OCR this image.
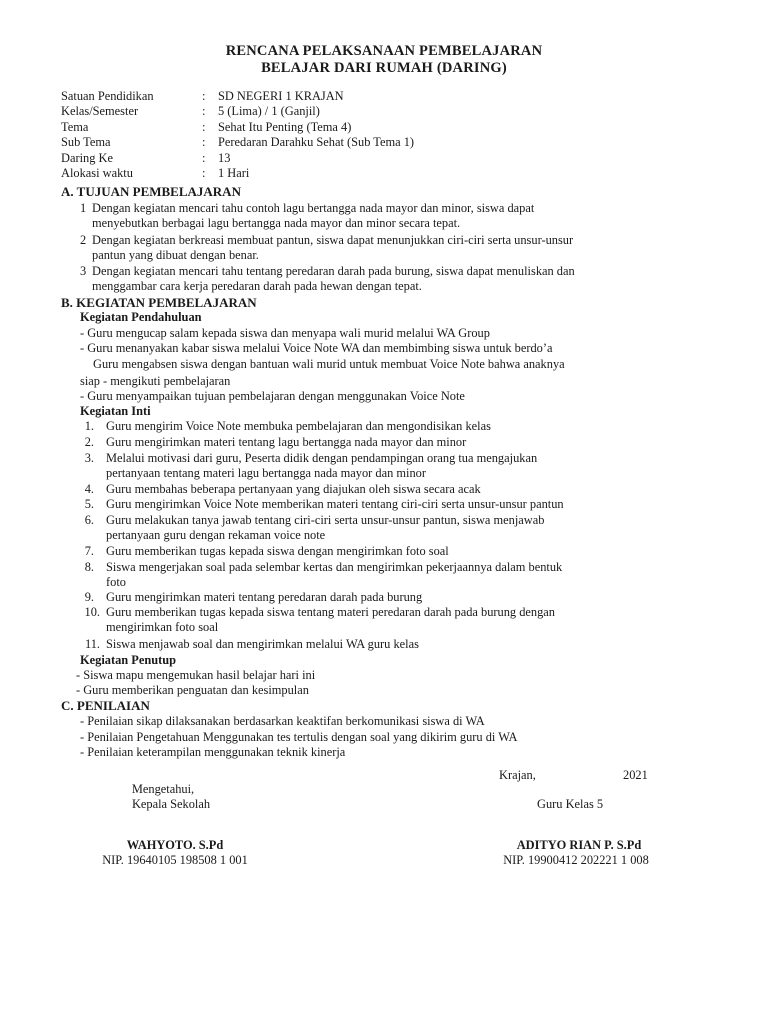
RENCANA PELAKSANAAN PEMBELAJARAN
BELAJAR DARI RUMAH (DARING)
Satuan Pendidikan	: SD NEGERI 1 KRAJAN
Kelas/Semester	: 5 (Lima) / 1 (Ganjil)
Tema	: Sehat Itu Penting (Tema 4)
Sub Tema	: Peredaran Darahku Sehat (Sub Tema 1)
Daring Ke	: 13
Alokasi waktu	: 1 Hari
A. TUJUAN PEMBELAJARAN
1 Dengan kegiatan mencari tahu contoh lagu bertangga nada mayor dan minor, siswa dapat
menyebutkan berbagai lagu bertangga nada mayor dan minor secara tepat.
2 Dengan kegiatan berkreasi membuat pantun, siswa dapat menunjukkan ciri-ciri serta unsur-unsur
pantun yang dibuat dengan benar.
3 Dengan kegiatan mencari tahu tentang peredaran darah pada burung, siswa dapat menuliskan dan
menggambar cara kerja peredaran darah pada hewan dengan tepat.
B. KEGIATAN PEMBELAJARAN
Kegiatan Pendahuluan
- Guru mengucap salam kepada siswa dan menyapa wali murid melalui WA Group
- Guru menanyakan kabar siswa melalui Voice Note WA dan membimbing siswa untuk berdo’a
Guru mengabsen siswa dengan bantuan wali murid untuk membuat Voice Note bahwa anaknya
siap - mengikuti pembelajaran
- Guru menyampaikan tujuan pembelajaran dengan menggunakan Voice Note
Kegiatan Inti
1. Guru mengirim Voice Note membuka pembelajaran dan mengondisikan kelas
2. Guru mengirimkan materi tentang lagu bertangga nada mayor dan minor
3. Melalui motivasi dari guru, Peserta didik dengan pendampingan orang tua mengajukan
pertanyaan tentang materi lagu bertangga nada mayor dan minor
4. Guru membahas beberapa pertanyaan yang diajukan oleh siswa secara acak
5. Guru mengirimkan Voice Note memberikan materi tentang ciri-ciri serta unsur-unsur pantun
6. Guru melakukan tanya jawab tentang ciri-ciri serta unsur-unsur pantun, siswa menjawab
pertanyaan guru dengan rekaman voice note
7. Guru memberikan tugas kepada siswa dengan mengirimkan foto soal
8. Siswa mengerjakan soal pada selembar kertas dan mengirimkan pekerjaannya dalam bentuk
foto
9. Guru mengirimkan materi tentang peredaran darah pada burung
10. Guru memberikan tugas kepada siswa tentang materi peredaran darah pada burung dengan
mengirimkan foto soal
11. Siswa menjawab soal dan mengirimkan melalui WA guru kelas
Kegiatan Penutup
- Siswa mapu mengemukan hasil belajar hari ini
- Guru memberikan penguatan dan kesimpulan
C. PENILAIAN
- Penilaian sikap dilaksanakan berdasarkan keaktifan berkomunikasi siswa di WA
- Penilaian Pengetahuan Menggunakan tes tertulis dengan soal yang dikirim guru di WA
- Penilaian keterampilan menggunakan teknik kinerja
Krajan,	2021
Mengetahui,
Kepala Sekolah	Guru Kelas 5
WAHYOTO. S.Pd
NIP. 19640105 198508 1 001
ADITYO RIAN P. S.Pd
NIP. 19900412 202221 1 008
